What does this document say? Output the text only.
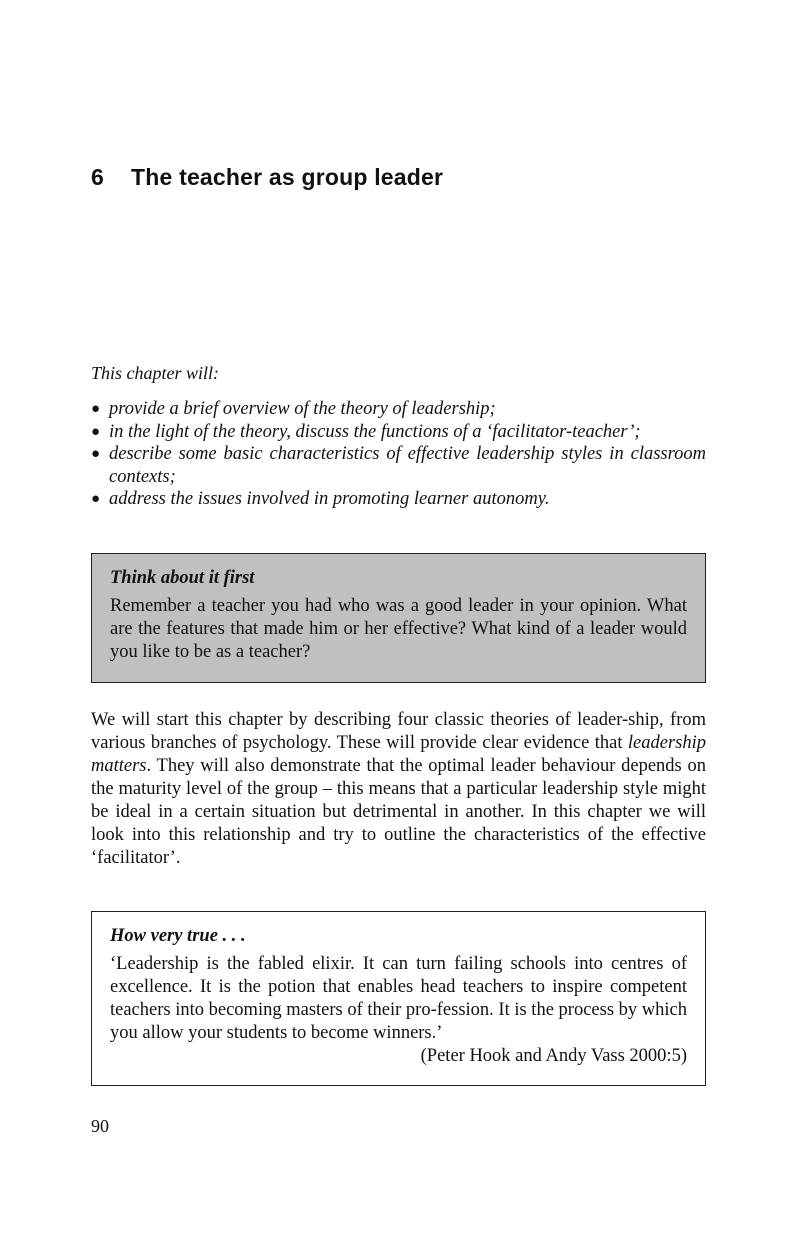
6 The teacher as group leader

This chapter will:

● provide a brief overview of the theory of leadership;
● in the light of the theory, discuss the functions of a ‘facilitator-teacher’;
● describe some basic characteristics of effective leadership styles in classroom contexts;
● address the issues involved in promoting learner autonomy.

Think about it first

Remember a teacher you had who was a good leader in your opinion. What are the features that made him or her effective? What kind of a leader would you like to be as a teacher?

We will start this chapter by describing four classic theories of leader-ship, from various branches of psychology. These will provide clear evidence that leadership matters. They will also demonstrate that the optimal leader behaviour depends on the maturity level of the group – this means that a particular leadership style might be ideal in a certain situation but detrimental in another. In this chapter we will look into this relationship and try to outline the characteristics of the effective ‘facilitator’.

How very true . . .

‘Leadership is the fabled elixir. It can turn failing schools into centres of excellence. It is the potion that enables head teachers to inspire competent teachers into becoming masters of their pro-fession. It is the process by which you allow your students to become winners.’
(Peter Hook and Andy Vass 2000:5)

90
